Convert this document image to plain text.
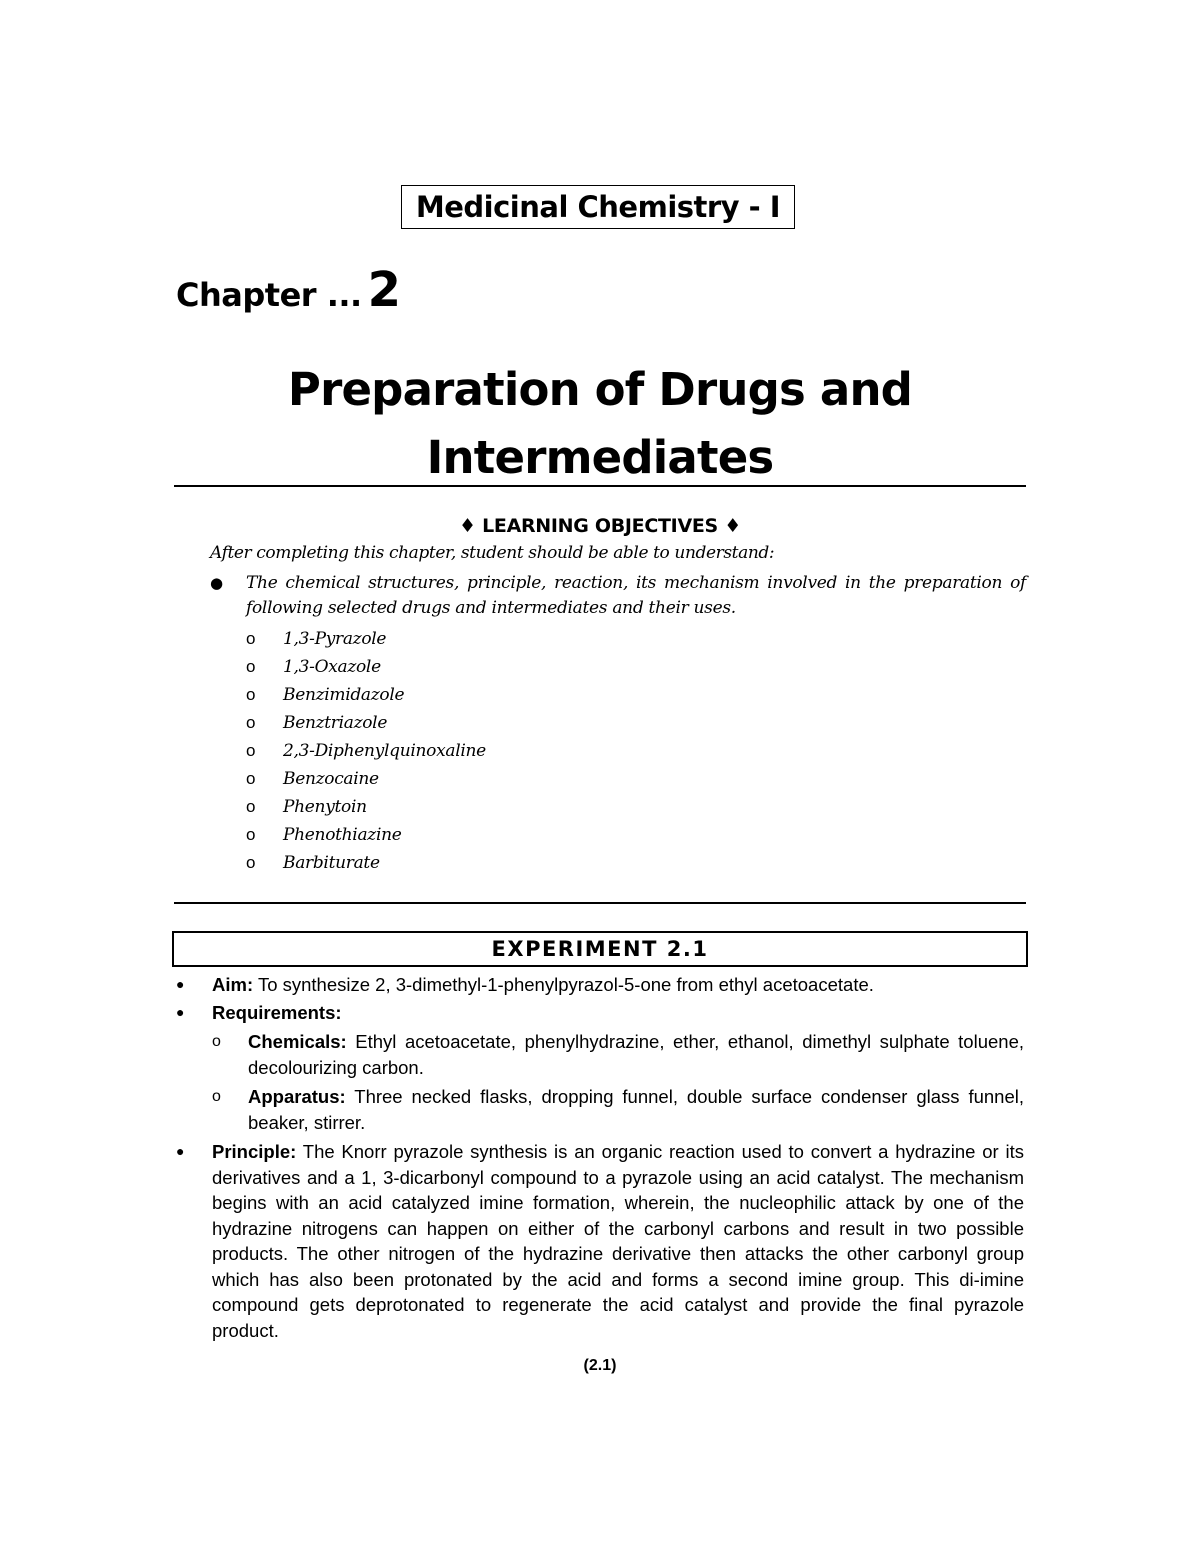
Medicinal Chemistry - I
Chapter ... 2
Preparation of Drugs and
Intermediates
♦ LEARNING OBJECTIVES ♦
After completing this chapter, student should be able to understand:
● The chemical structures, principle, reaction, its mechanism involved in the preparation of following selected drugs and intermediates and their uses.
o 1,3-Pyrazole
o 1,3-Oxazole
o Benzimidazole
o Benztriazole
o 2,3-Diphenylquinoxaline
o Benzocaine
o Phenytoin
o Phenothiazine
o Barbiturate
EXPERIMENT 2.1
● Aim: To synthesize 2, 3-dimethyl-1-phenylpyrazol-5-one from ethyl acetoacetate.
● Requirements:
o Chemicals: Ethyl acetoacetate, phenylhydrazine, ether, ethanol, dimethyl sulphate toluene, decolourizing carbon.
o Apparatus: Three necked flasks, dropping funnel, double surface condenser glass funnel, beaker, stirrer.
● Principle: The Knorr pyrazole synthesis is an organic reaction used to convert a hydrazine or its derivatives and a 1, 3-dicarbonyl compound to a pyrazole using an acid catalyst. The mechanism begins with an acid catalyzed imine formation, wherein, the nucleophilic attack by one of the hydrazine nitrogens can happen on either of the carbonyl carbons and result in two possible products. The other nitrogen of the hydrazine derivative then attacks the other carbonyl group which has also been protonated by the acid and forms a second imine group. This di-imine compound gets deprotonated to regenerate the acid catalyst and provide the final pyrazole product.
(2.1)
